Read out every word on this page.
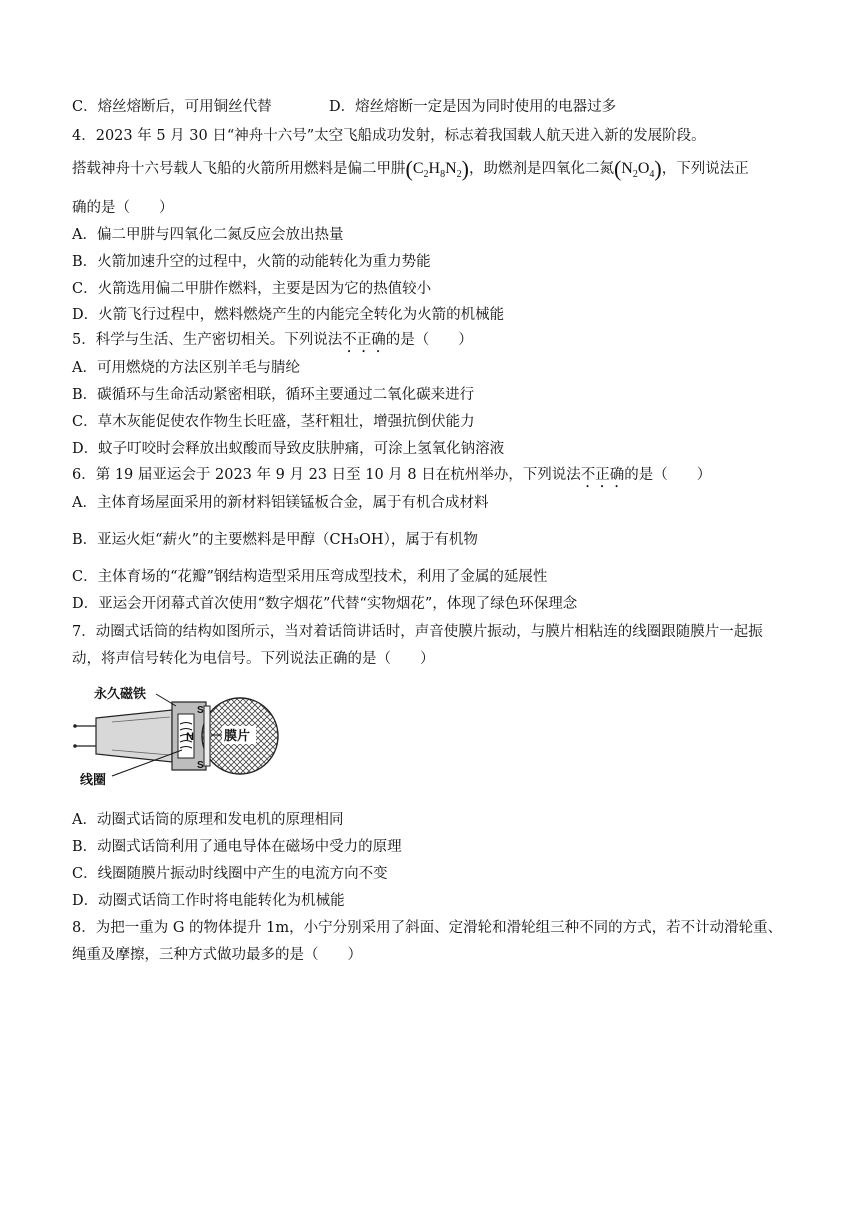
C．熔丝熔断后，可用铜丝代替	D．熔丝熔断一定是因为同时使用的电器过多
4．2023 年 5 月 30 日“神舟十六号”太空飞船成功发射，标志着我国载人航天进入新的发展阶段。
搭载神舟十六号载人飞船的火箭所用燃料是偏二甲肼$(C_2H_8N_2)$，助燃剂是四氧化二氮$(N_2O_4)$，下列说法正
确的是（　　）
A．偏二甲肼与四氧化二氮反应会放出热量
B．火箭加速升空的过程中，火箭的动能转化为重力势能
C．火箭选用偏二甲肼作燃料，主要是因为它的热值较小
D．火箭飞行过程中，燃料燃烧产生的内能完全转化为火箭的机械能
5．科学与生活、生产密切相关。下列说法不正确的是（　　）
A．可用燃烧的方法区别羊毛与腈纶
B．碳循环与生命活动紧密相联，循环主要通过二氧化碳来进行
C．草木灰能促使农作物生长旺盛，茎秆粗壮，增强抗倒伏能力
D．蚊子叮咬时会释放出蚁酸而导致皮肤肿痛，可涂上氢氧化钠溶液
6．第 19 届亚运会于 2023 年 9 月 23 日至 10 月 8 日在杭州举办，下列说法不正确的是（　　）
A．主体育场屋面采用的新材料铝镁锰板合金，属于有机合成材料
B．亚运火炬“薪火”的主要燃料是甲醇（CH₃OH），属于有机物
C．主体育场的“花瓣”钢结构造型采用压弯成型技术，利用了金属的延展性
D．亚运会开闭幕式首次使用“数字烟花”代替“实物烟花”，体现了绿色环保理念
7．动圈式话筒的结构如图所示，当对着话筒讲话时，声音使膜片振动，与膜片相粘连的线圈跟随膜片一起振
动，将声信号转化为电信号。下列说法正确的是（　　）
S
N
S
永久磁铁
膜片
线圈
A．动圈式话筒的原理和发电机的原理相同
B．动圈式话筒利用了通电导体在磁场中受力的原理
C．线圈随膜片振动时线圈中产生的电流方向不变
D．动圈式话筒工作时将电能转化为机械能
8．为把一重为 G 的物体提升 1m，小宁分别采用了斜面、定滑轮和滑轮组三种不同的方式，若不计动滑轮重、
绳重及摩擦，三种方式做功最多的是（　　）
